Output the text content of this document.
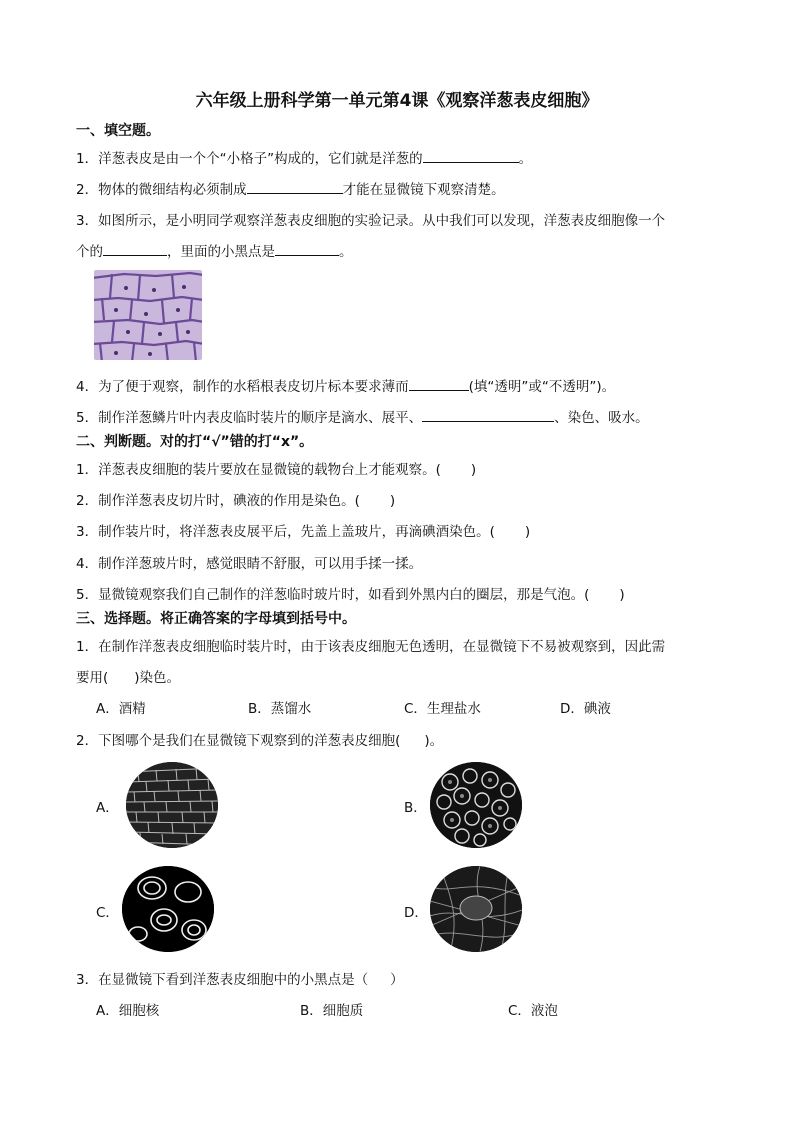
六年级上册科学第一单元第4课《观察洋葱表皮细胞》
一、填空题。
1．洋葱表皮是由一个个“小格子”构成的，它们就是洋葱的	。
2．物体的微细结构必须制成	才能在显微镜下观察清楚。
3．如图所示，是小明同学观察洋葱表皮细胞的实验记录。从中我们可以发现，洋葱表皮细胞像一个
个的	，里面的小黑点是	。
4．为了便于观察，制作的水稻根表皮切片标本要求薄而	(填“透明”或“不透明”)。
5．制作洋葱鳞片叶内表皮临时装片的顺序是滴水、展平、	、染色、吸水。
二、判断题。对的打“√”错的打“x”。
1．洋葱表皮细胞的装片要放在显微镜的载物台上才能观察。( )
2．制作洋葱表皮切片时，碘液的作用是染色。( )
3．制作装片时，将洋葱表皮展平后，先盖上盖玻片，再滴碘酒染色。( )
4．制作洋葱玻片时，感觉眼睛不舒服，可以用手揉一揉。
5．显微镜观察我们自己制作的洋葱临时玻片时，如看到外黑内白的圈层，那是气泡。( )
三、选择题。将正确答案的字母填到括号中。
1．在制作洋葱表皮细胞临时装片时，由于该表皮细胞无色透明，在显微镜下不易被观察到，因此需
要用( )染色。
A．酒精	B．蒸馏水	C．生理盐水	D．碘液
2．下图哪个是我们在显微镜下观察到的洋葱表皮细胞( )。
A．	B．
C．	D．
3．在显微镜下看到洋葱表皮细胞中的小黑点是（ ）
A．细胞核	B．细胞质	C．液泡
